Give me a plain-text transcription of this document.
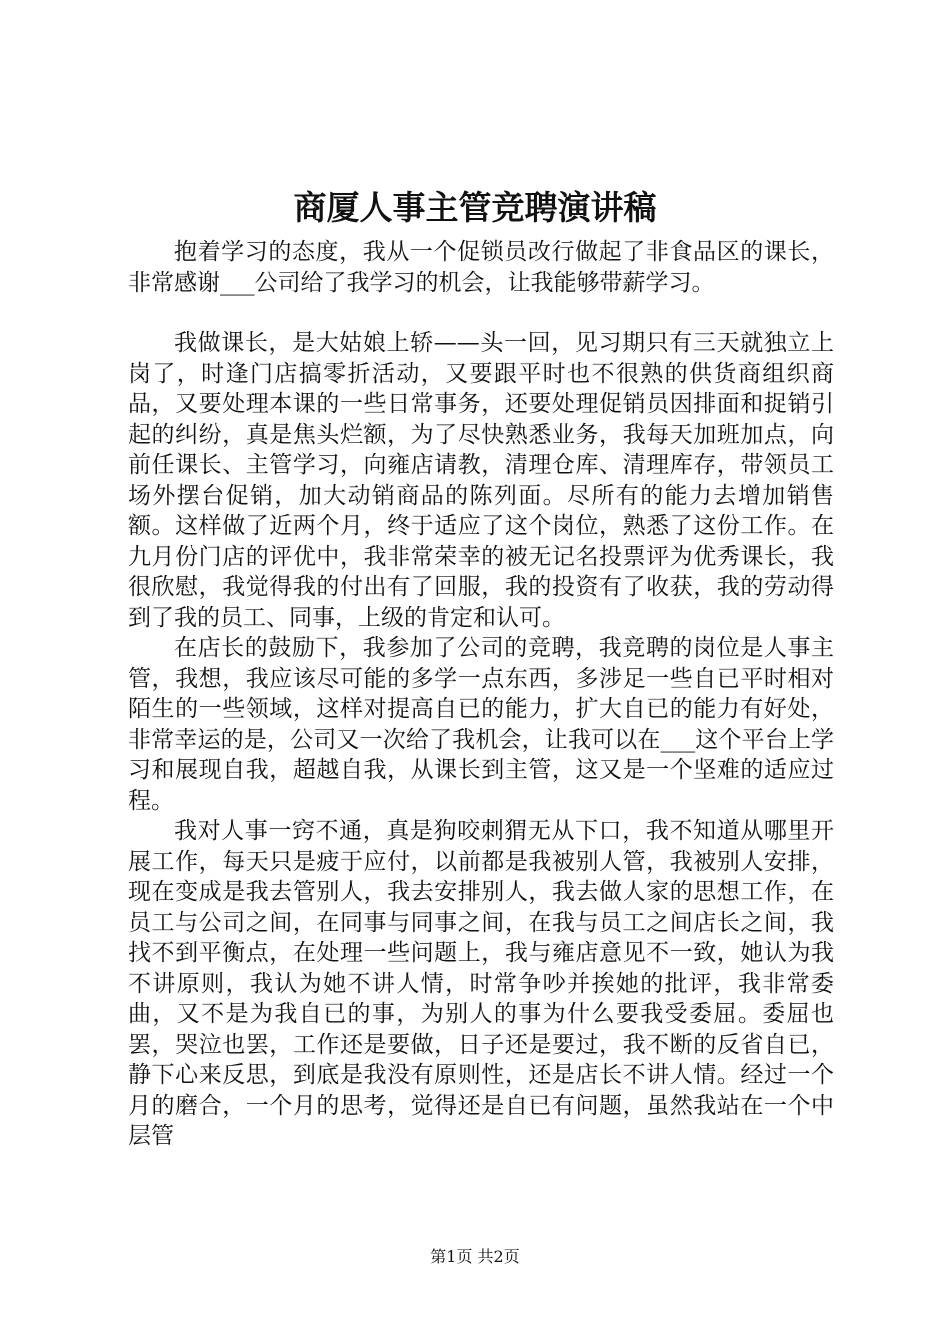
商厦人事主管竞聘演讲稿

抱着学习的态度，我从一个促锁员改行做起了非食品区的课长，非常感谢___公司给了我学习的机会，让我能够带薪学习。

我做课长，是大姑娘上轿——头一回，见习期只有三天就独立上岗了，时逢门店搞零折活动，又要跟平时也不很熟的供货商组织商品，又要处理本课的一些日常事务，还要处理促销员因排面和捉销引起的纠纷，真是焦头烂额，为了尽快熟悉业务，我每天加班加点，向前任课长、主管学习，向雍店请教，清理仓库、清理库存，带领员工场外摆台促销，加大动销商品的陈列面。尽所有的能力去增加销售额。这样做了近两个月，终于适应了这个岗位，熟悉了这份工作。在九月份门店的评优中，我非常荣幸的被无记名投票评为优秀课长，我很欣慰，我觉得我的付出有了回服，我的投资有了收获，我的劳动得到了我的员工、同事，上级的肯定和认可。

在店长的鼓励下，我参加了公司的竞聘，我竞聘的岗位是人事主管，我想，我应该尽可能的多学一点东西，多涉足一些自已平时相对陌生的一些领域，这样对提高自已的能力，扩大自已的能力有好处，非常幸运的是，公司又一次给了我机会，让我可以在___这个平台上学习和展现自我，超越自我，从课长到主管，这又是一个坚难的适应过程。

我对人事一窍不通，真是狗咬刺猬无从下口，我不知道从哪里开展工作，每天只是疲于应付，以前都是我被别人管，我被别人安排，现在变成是我去管别人，我去安排别人，我去做人家的思想工作，在员工与公司之间，在同事与同事之间，在我与员工之间店长之间，我找不到平衡点，在处理一些问题上，我与雍店意见不一致，她认为我不讲原则，我认为她不讲人情，时常争吵并挨她的批评，我非常委曲，又不是为我自已的事，为别人的事为什么要我受委屈。委屈也罢，哭泣也罢，工作还是要做，日子还是要过，我不断的反省自已，静下心来反思，到底是我没有原则性，还是店长不讲人情。经过一个月的磨合，一个月的思考，觉得还是自已有问题，虽然我站在一个中层管

第1页 共2页
